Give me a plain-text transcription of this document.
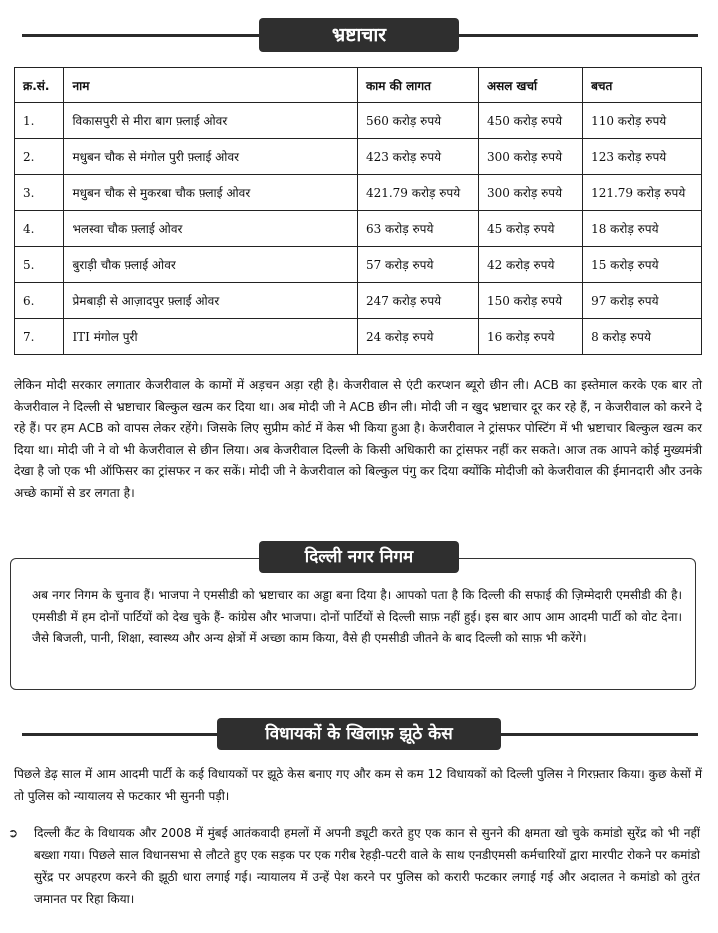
भ्रष्टाचार
क्र.सं.	नाम	काम की लागत	असल खर्चा	बचत
1.	विकासपुरी से मीरा बाग फ़्लाई ओवर	560 करोड़ रुपये	450 करोड़ रुपये	110 करोड़ रुपये
2.	मधुबन चौक से मंगोल पुरी फ़्लाई ओवर	423 करोड़ रुपये	300 करोड़ रुपये	123 करोड़ रुपये
3.	मधुबन चौक से मुकरबा चौक फ़्लाई ओवर	421.79 करोड़ रुपये	300 करोड़ रुपये	121.79 करोड़ रुपये
4.	भलस्वा चौक फ़्लाई ओवर	63 करोड़ रुपये	45 करोड़ रुपये	18 करोड़ रुपये
5.	बुराड़ी चौक फ़्लाई ओवर	57 करोड़ रुपये	42 करोड़ रुपये	15 करोड़ रुपये
6.	प्रेमबाड़ी से आज़ादपुर फ़्लाई ओवर	247 करोड़ रुपये	150 करोड़ रुपये	97 करोड़ रुपये
7.	ITI मंगोल पुरी	24 करोड़ रुपये	16 करोड़ रुपये	8 करोड़ रुपये
लेकिन मोदी सरकार लगातार केजरीवाल के कामों में अड़चन अड़ा रही है। केजरीवाल से एंटी करप्शन ब्यूरो छीन ली। ACB का इस्तेमाल करके एक बार तो केजरीवाल ने दिल्ली से भ्रष्टाचार बिल्कुल खत्म कर दिया था। अब मोदी जी ने ACB छीन ली। मोदी जी न खुद भ्रष्टाचार दूर कर रहे हैं, न केजरीवाल को करने दे रहे हैं। पर हम ACB को वापस लेकर रहेंगे। जिसके लिए सुप्रीम कोर्ट में केस भी किया हुआ है। केजरीवाल ने ट्रांसफर पोस्टिंग में भी भ्रष्टाचार बिल्कुल खत्म कर दिया था। मोदी जी ने वो भी केजरीवाल से छीन लिया। अब केजरीवाल दिल्ली के किसी अधिकारी का ट्रांसफर नहीं कर सकते। आज तक आपने कोई मुख्यमंत्री देखा है जो एक भी ऑफिसर का ट्रांसफर न कर सकें। मोदी जी ने केजरीवाल को बिल्कुल पंगु कर दिया क्योंकि मोदीजी को केजरीवाल की ईमानदारी और उनके अच्छे कामों से डर लगता है।
दिल्ली नगर निगम
अब नगर निगम के चुनाव हैं। भाजपा ने एमसीडी को भ्रष्टाचार का अड्डा बना दिया है। आपको पता है कि दिल्ली की सफाई की ज़िम्मेदारी एमसीडी की है। एमसीडी में हम दोनों पार्टियों को देख चुके हैं- कांग्रेस और भाजपा। दोनों पार्टियों से दिल्ली साफ़ नहीं हुई। इस बार आप आम आदमी पार्टी को वोट देना। जैसे बिजली, पानी, शिक्षा, स्वास्थ्य और अन्य क्षेत्रों में अच्छा काम किया, वैसे ही एमसीडी जीतने के बाद दिल्ली को साफ़ भी करेंगे।
विधायकों के खिलाफ़ झूठे केस
पिछले डेढ़ साल में आम आदमी पार्टी के कई विधायकों पर झूठे केस बनाए गए और कम से कम 12 विधायकों को दिल्ली पुलिस ने गिरफ़्तार किया। कुछ केसों में तो पुलिस को न्यायालय से फटकार भी सुननी पड़ी।
➲	दिल्ली कैंट के विधायक और 2008 में मुंबई आतंकवादी हमलों में अपनी ड्यूटी करते हुए एक कान से सुनने की क्षमता खो चुके कमांडो सुरेंद्र को भी नहीं बख्शा गया। पिछले साल विधानसभा से लौटते हुए एक सड़क पर एक गरीब रेहड़ी-पटरी वाले के साथ एनडीएमसी कर्मचारियों द्वारा मारपीट रोकने पर कमांडो सुरेंद्र पर अपहरण करने की झूठी धारा लगाई गई। न्यायालय में उन्हें पेश करने पर पुलिस को करारी फटकार लगाई गई और अदालत ने कमांडो को तुरंत जमानत पर रिहा किया।
